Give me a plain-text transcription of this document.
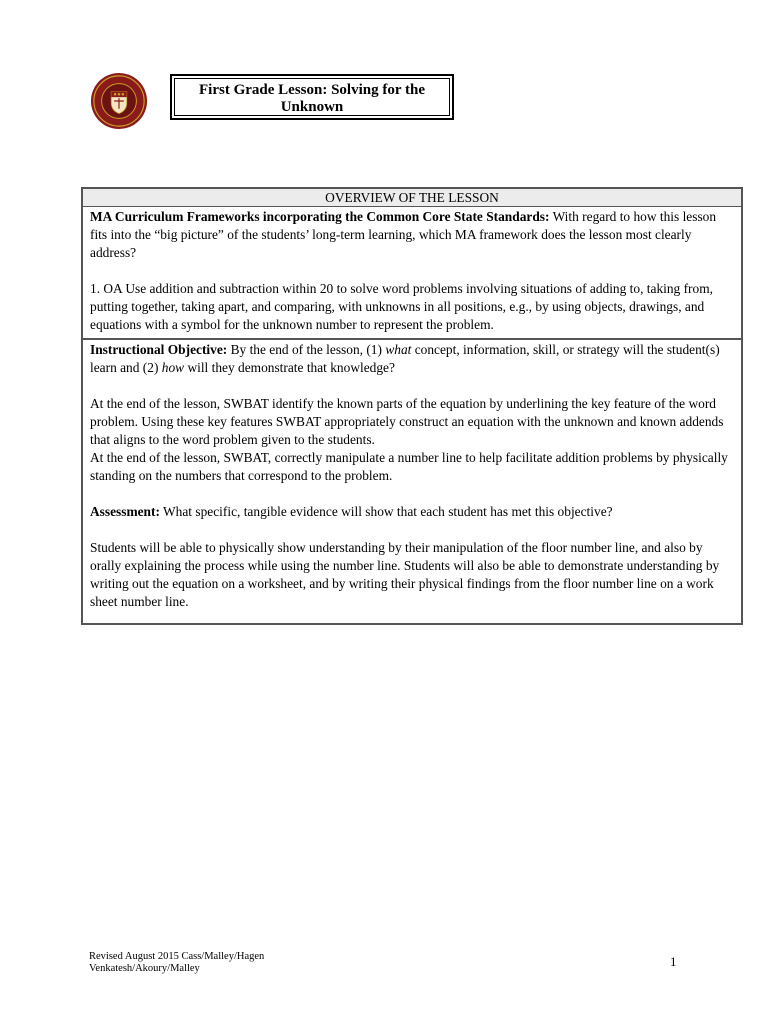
First Grade Lesson: Solving for the
Unknown
OVERVIEW OF THE LESSON

MA Curriculum Frameworks incorporating the Common Core State Standards: With regard to how this lesson fits into the “big picture” of the students’ long-term learning, which MA framework does the lesson most clearly address?

1. OA Use addition and subtraction within 20 to solve word problems involving situations of adding to, taking from, putting together, taking apart, and comparing, with unknowns in all positions, e.g., by using objects, drawings, and equations with a symbol for the unknown number to represent the problem.

Instructional Objective: By the end of the lesson, (1) what concept, information, skill, or strategy will the student(s) learn and (2) how will they demonstrate that knowledge?

At the end of the lesson, SWBAT identify the known parts of the equation by underlining the key feature of the word problem. Using these key features SWBAT appropriately construct an equation with the unknown and known addends that aligns to the word problem given to the students.

At the end of the lesson, SWBAT, correctly manipulate a number line to help facilitate addition problems by physically standing on the numbers that correspond to the problem.

Assessment: What specific, tangible evidence will show that each student has met this objective?

Students will be able to physically show understanding by their manipulation of the floor number line, and also by orally explaining the process while using the number line. Students will also be able to demonstrate understanding by writing out the equation on a worksheet, and by writing their physical findings from the floor number line on a work sheet number line.

Revised August 2015 Cass/Malley/Hagen
Venkatesh/Akoury/Malley	1
